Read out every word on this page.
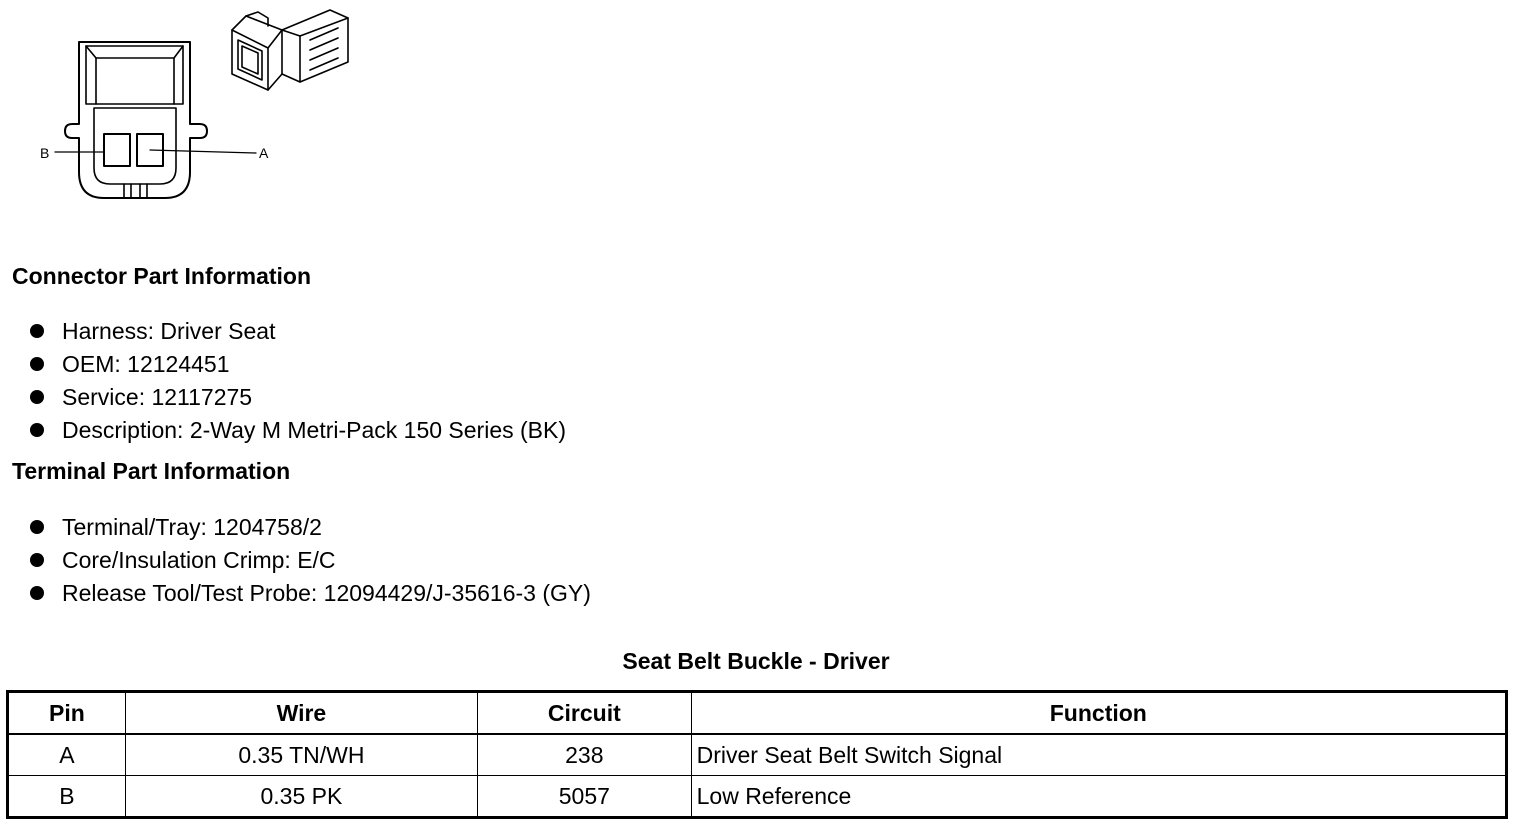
B	A
Connector Part Information
Harness: Driver Seat
OEM: 12124451
Service: 12117275
Description: 2-Way M Metri-Pack 150 Series (BK)
Terminal Part Information
Terminal/Tray: 1204758/2
Core/Insulation Crimp: E/C
Release Tool/Test Probe: 12094429/J-35616-3 (GY)
Seat Belt Buckle - Driver
Pin	Wire	Circuit	Function
A	0.35 TN/WH	238	Driver Seat Belt Switch Signal
B	0.35 PK	5057	Low Reference
